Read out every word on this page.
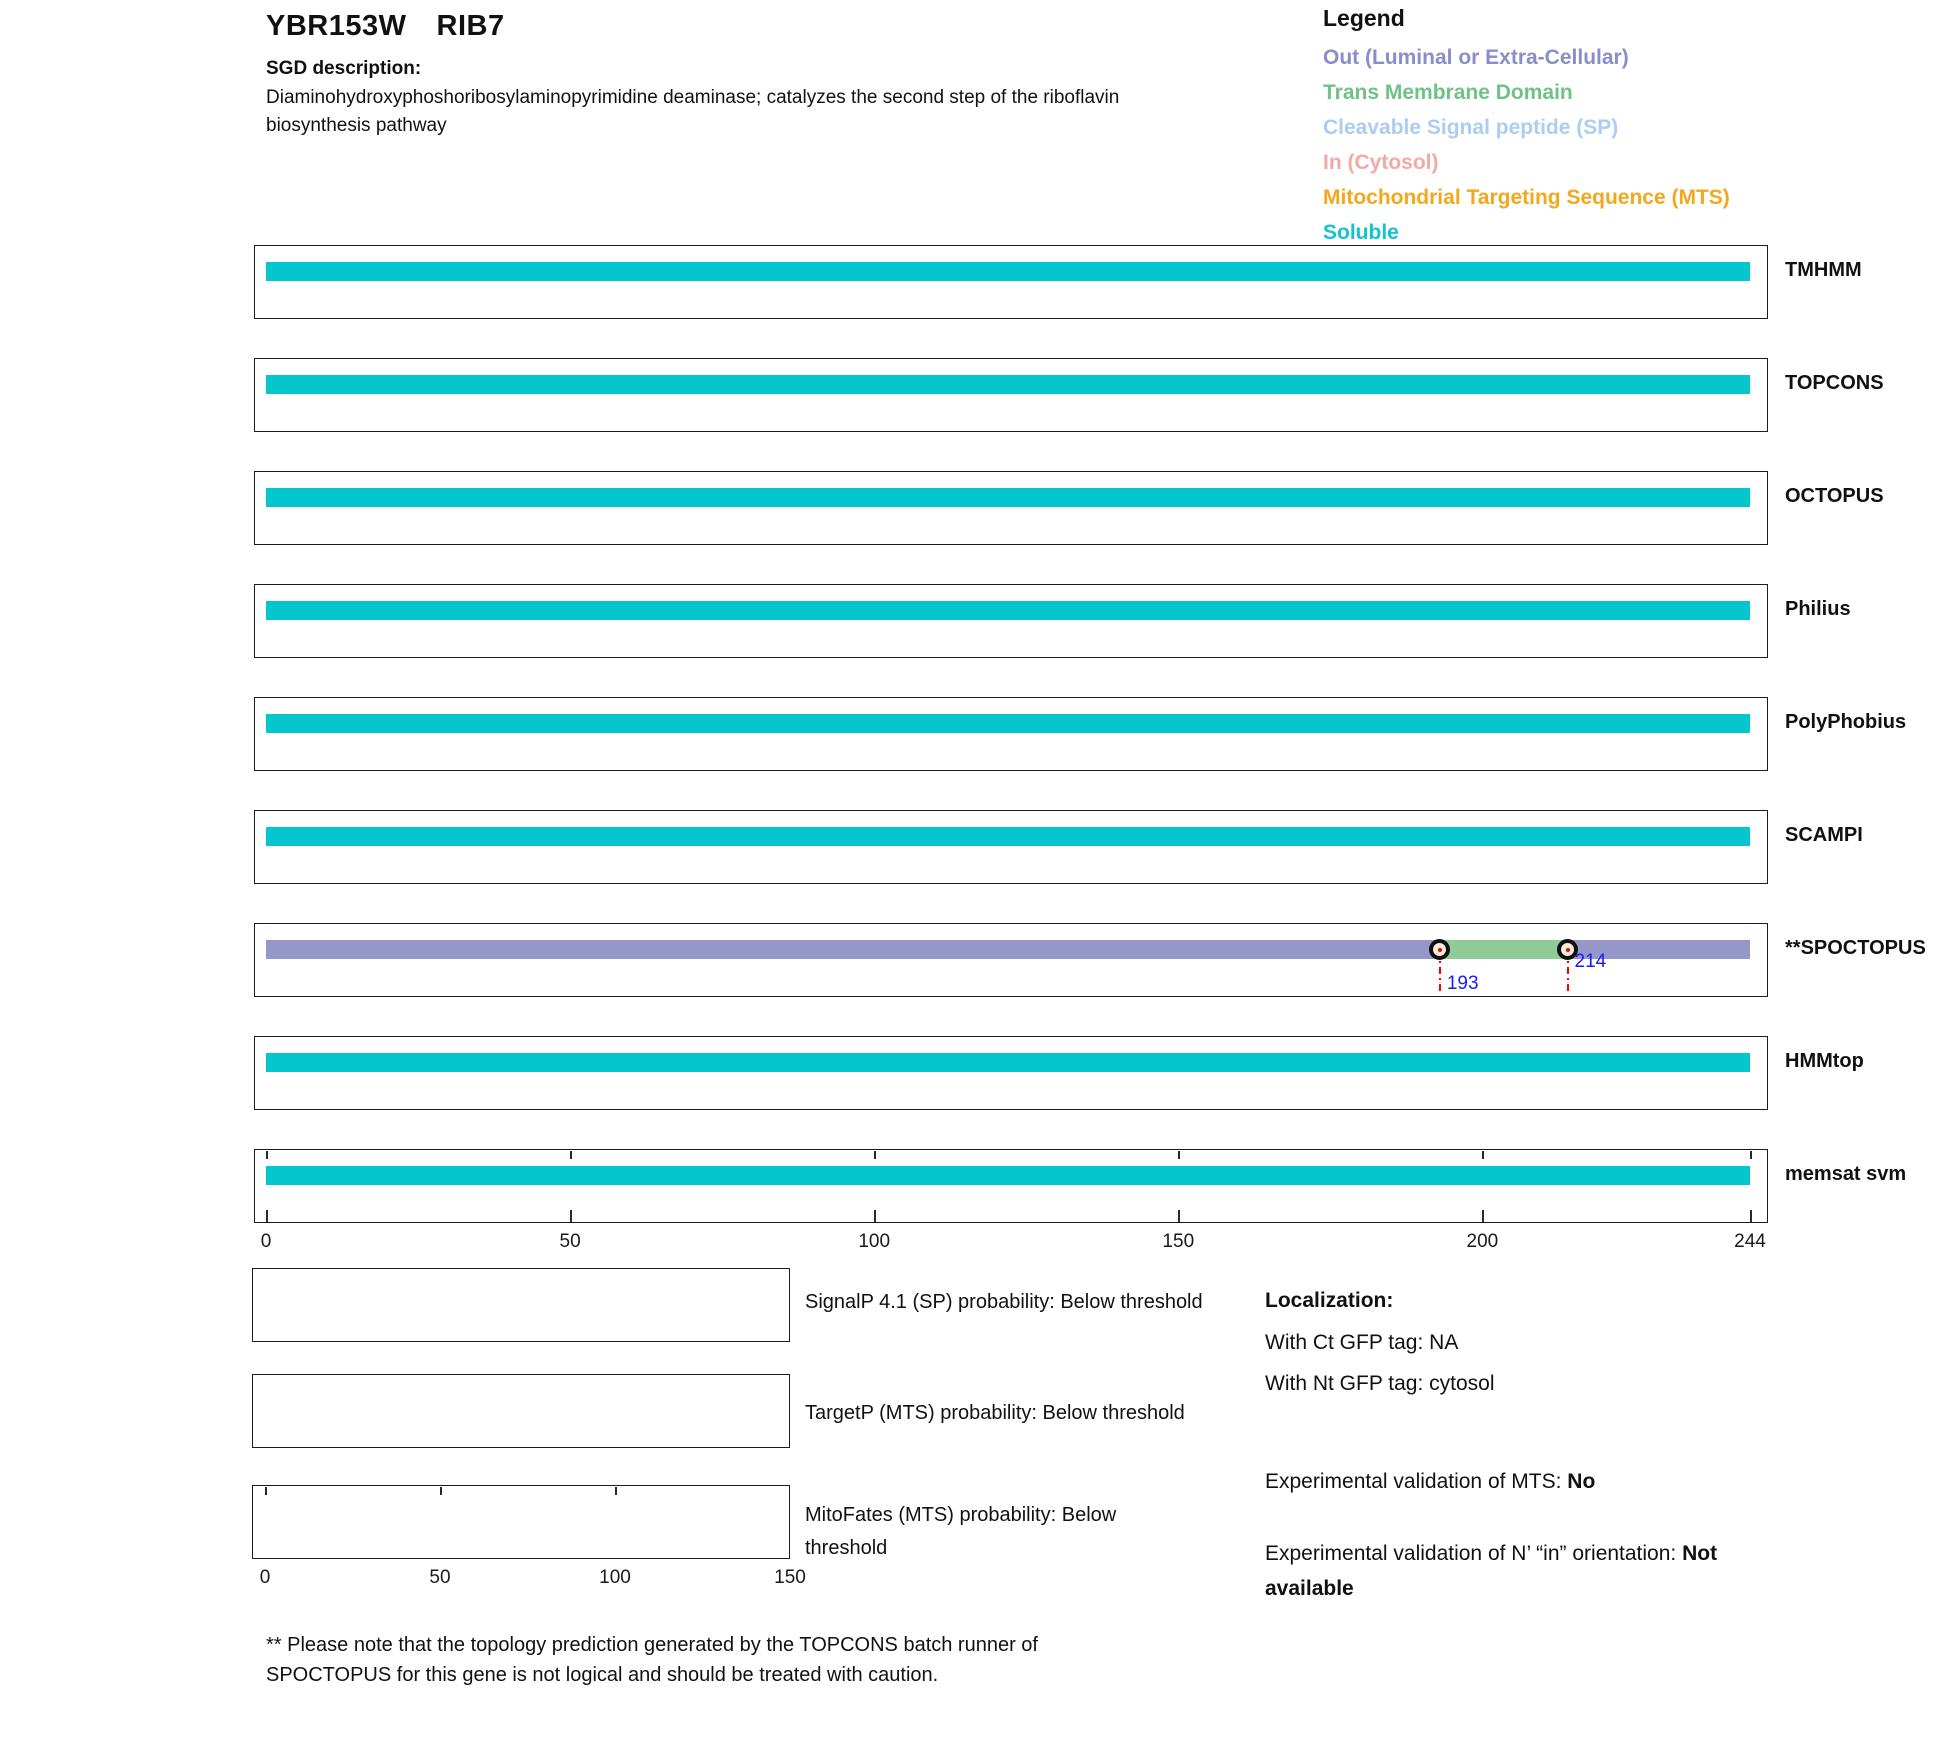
YBR153W RIB7
SGD description:
Diaminohydroxyphoshoribosylaminopyrimidine deaminase; catalyzes the second step of the riboflavin biosynthesis pathway
Legend
Out (Luminal or Extra-Cellular)
Trans Membrane Domain
Cleavable Signal peptide (SP)
In (Cytosol)
Mitochondrial Targeting Sequence (MTS)
Soluble
TMHMM
TOPCONS
OCTOPUS
Philius
PolyPhobius
SCAMPI
193
214
**SPOCTOPUS
HMMtop
0	50	100	150	200	244
memsat svm
SignalP 4.1 (SP) probability: Below threshold
TargetP (MTS) probability: Below threshold
MitoFates (MTS) probability: Below threshold
0	50	100	150
Localization:
With Ct GFP tag: NA
With Nt GFP tag: cytosol
Experimental validation of MTS: No
Experimental validation of N’ “in” orientation: Not available
** Please note that the topology prediction generated by the TOPCONS batch runner of SPOCTOPUS for this gene is not logical and should be treated with caution.
